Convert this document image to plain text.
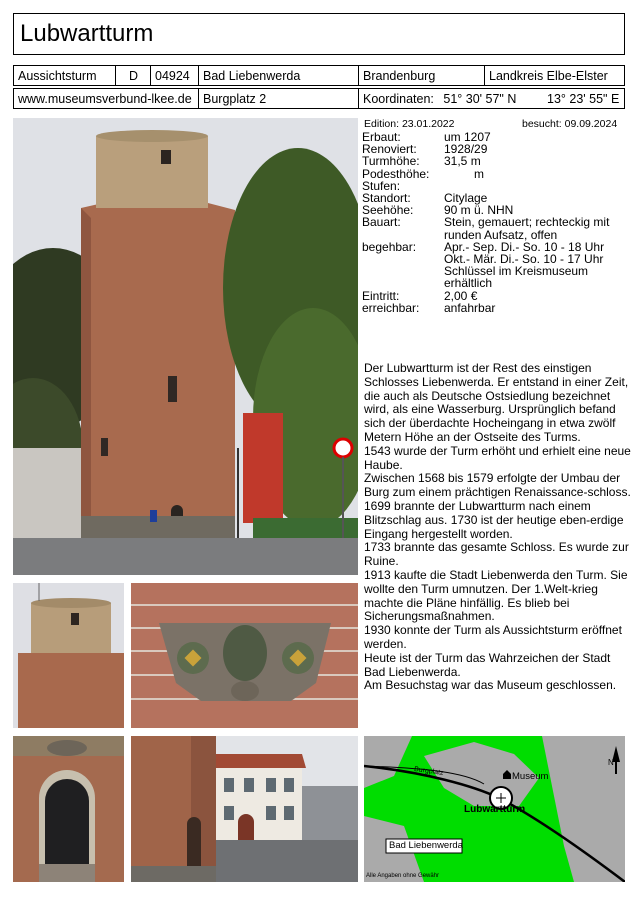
Lubwartturm
Aussichtsturm	D	04924	Bad Liebenwerda	Brandenburg	Landkreis Elbe-Elster
www.museumsverbund-lkee.de Burgplatz 2	Koordinaten: 51° 30' 57" N 13° 23' 55" E
Burgplatz	Museum
Lubwartturm
Bad Liebenwerda
N
Alle Angaben ohne Gewähr
Edition: 23.01.2022	besucht: 09.09.2024
Erbaut:	um 1207
Renoviert:	1928/29
Turmhöhe:	31,5 m
Podesthöhe:	m
Stufen:
Standort:	Citylage
Seehöhe:	90 m ü. NHN
Bauart:	Stein, gemauert; rechteckig mit runden Aufsatz, offen
begehbar:	Apr.- Sep. Di.- So. 10 - 18 Uhr Okt.- Mär. Di.- So. 10 - 17 Uhr Schlüssel im Kreismuseum erhältlich
Eintritt:	2,00 €
erreichbar:	anfahrbar

Der Lubwartturm ist der Rest des einstigen Schlosses Liebenwerda. Er entstand in einer Zeit, die auch als Deutsche Ostsiedlung bezeichnet wird, als eine Wasserburg. Ursprünglich befand sich der überdachte Hocheingang in etwa zwölf Metern Höhe an der Ostseite des Turms.

1543 wurde der Turm erhöht und erhielt eine neue Haube.

Zwischen 1568 bis 1579 erfolgte der Umbau der Burg zum einem prächtigen Renaissance-schloss.

1699 brannte der Lubwartturm nach einem Blitzschlag aus. 1730 ist der heutige eben-erdige Eingang hergestellt worden.

1733 brannte das gesamte Schloss. Es wurde zur Ruine.

1913 kaufte die Stadt Liebenwerda den Turm. Sie wollte den Turm umnutzen. Der 1.Welt-krieg machte die Pläne hinfällig. Es blieb bei Sicherungsmaßnahmen.

1930 konnte der Turm als Aussichtsturm eröffnet werden.

Heute ist der Turm das Wahrzeichen der Stadt Bad Liebenwerda.

Am Besuchstag war das Museum geschlossen.
